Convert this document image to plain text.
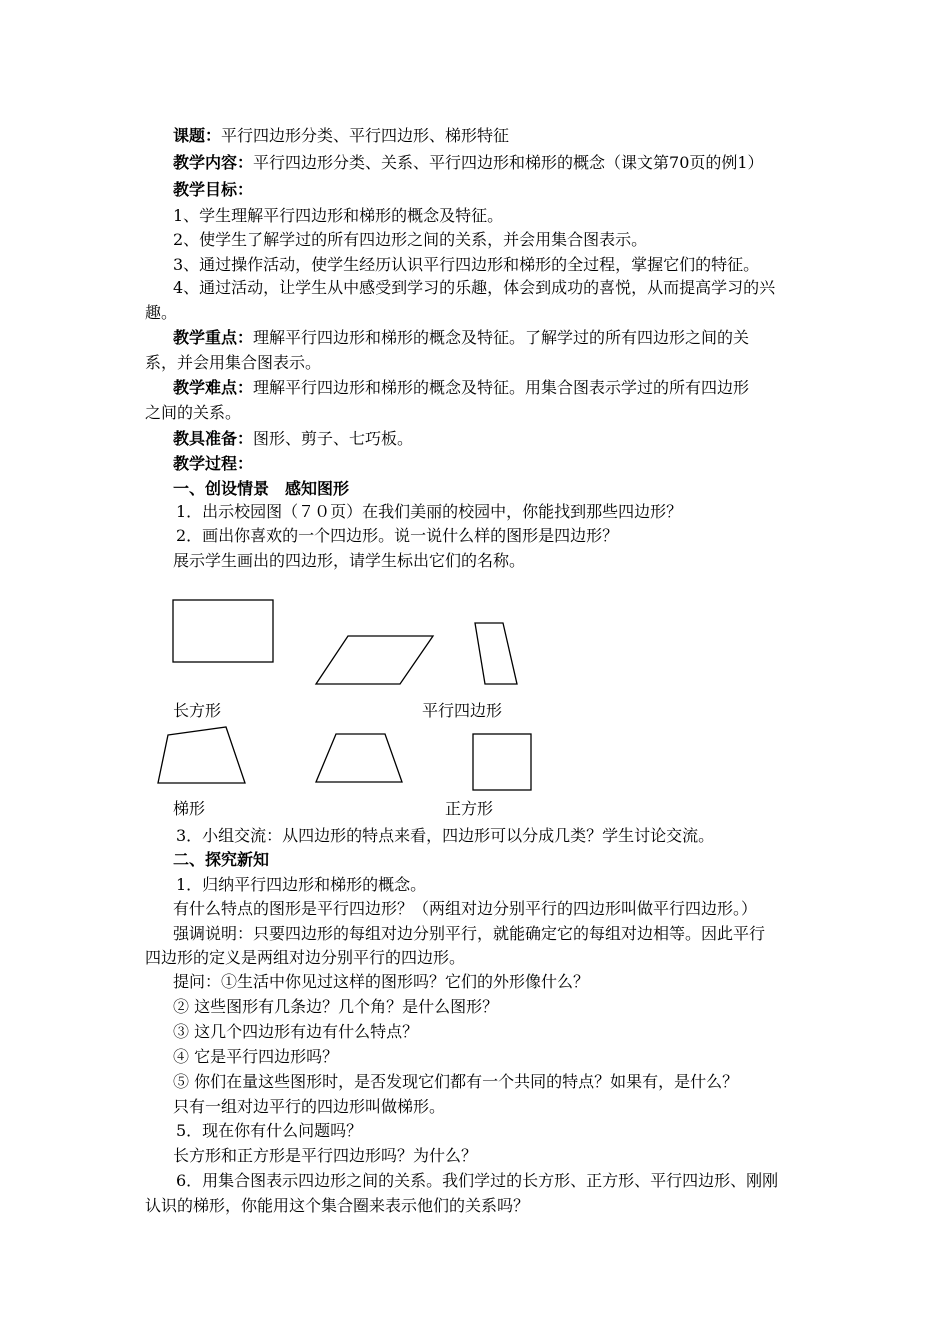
课题：平行四边形分类、平行四边形、梯形特征
教学内容：平行四边形分类、关系、平行四边形和梯形的概念（课文第70页的例1）
教学目标：
1、学生理解平行四边形和梯形的概念及特征。
2、使学生了解学过的所有四边形之间的关系，并会用集合图表示。
3、通过操作活动，使学生经历认识平行四边形和梯形的全过程，掌握它们的特征。
4、通过活动，让学生从中感受到学习的乐趣，体会到成功的喜悦，从而提高学习的兴
趣。
教学重点：理解平行四边形和梯形的概念及特征。了解学过的所有四边形之间的关
系，并会用集合图表示。
教学难点：理解平行四边形和梯形的概念及特征。用集合图表示学过的所有四边形
之间的关系。
教具准备：图形、剪子、七巧板。
教学过程：
一、创设情景　感知图形
1．出示校园图（７０页）在我们美丽的校园中，你能找到那些四边形？
2．画出你喜欢的一个四边形。说一说什么样的图形是四边形？
展示学生画出的四边形，请学生标出它们的名称。
长方形	平行四边形
梯形	正方形
3．小组交流：从四边形的特点来看，四边形可以分成几类？学生讨论交流。
二、探究新知
1．归纳平行四边形和梯形的概念。
有什么特点的图形是平行四边形？（两组对边分别平行的四边形叫做平行四边形。）
强调说明：只要四边形的每组对边分别平行，就能确定它的每组对边相等。因此平行
四边形的定义是两组对边分别平行的四边形。
提问：①生活中你见过这样的图形吗？它们的外形像什么？
② 这些图形有几条边？几个角？是什么图形？
③ 这几个四边形有边有什么特点？
④ 它是平行四边形吗？
⑤ 你们在量这些图形时，是否发现它们都有一个共同的特点？如果有，是什么？
只有一组对边平行的四边形叫做梯形。
5．现在你有什么问题吗？
长方形和正方形是平行四边形吗？为什么？
6．用集合图表示四边形之间的关系。我们学过的长方形、正方形、平行四边形、刚刚
认识的梯形，你能用这个集合圈来表示他们的关系吗？
